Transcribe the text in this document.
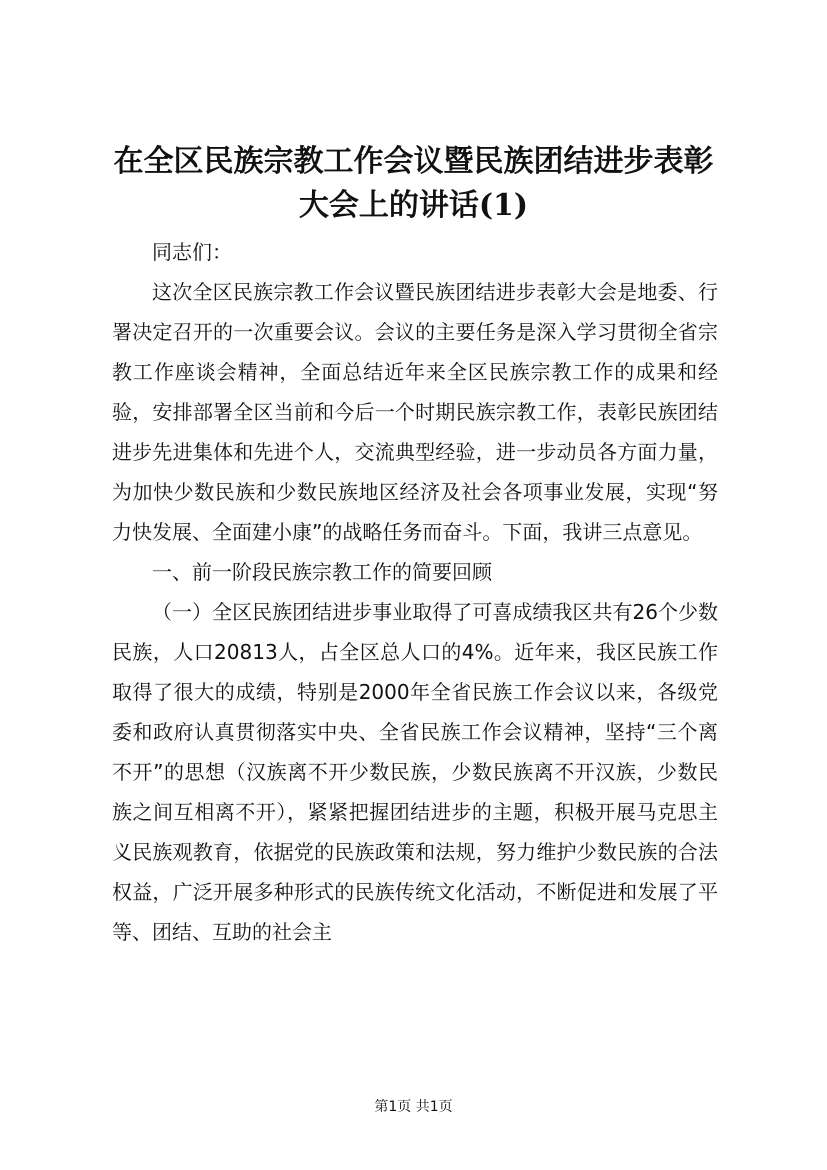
在全区民族宗教工作会议暨民族团结进步表彰大会上的讲话(1)

同志们：

这次全区民族宗教工作会议暨民族团结进步表彰大会是地委、行署决定召开的一次重要会议。会议的主要任务是深入学习贯彻全省宗教工作座谈会精神，全面总结近年来全区民族宗教工作的成果和经验，安排部署全区当前和今后一个时期民族宗教工作，表彰民族团结进步先进集体和先进个人，交流典型经验，进一步动员各方面力量，为加快少数民族和少数民族地区经济及社会各项事业发展，实现“努力快发展、全面建小康”的战略任务而奋斗。下面，我讲三点意见。

一、前一阶段民族宗教工作的简要回顾

（一）全区民族团结进步事业取得了可喜成绩我区共有26个少数民族，人口20813人，占全区总人口的4%。近年来，我区民族工作取得了很大的成绩，特别是2000年全省民族工作会议以来，各级党委和政府认真贯彻落实中央、全省民族工作会议精神，坚持“三个离不开”的思想（汉族离不开少数民族，少数民族离不开汉族，少数民族之间互相离不开），紧紧把握团结进步的主题，积极开展马克思主义民族观教育，依据党的民族政策和法规，努力维护少数民族的合法权益，广泛开展多种形式的民族传统文化活动，不断促进和发展了平等、团结、互助的社会主

第1页 共1页
